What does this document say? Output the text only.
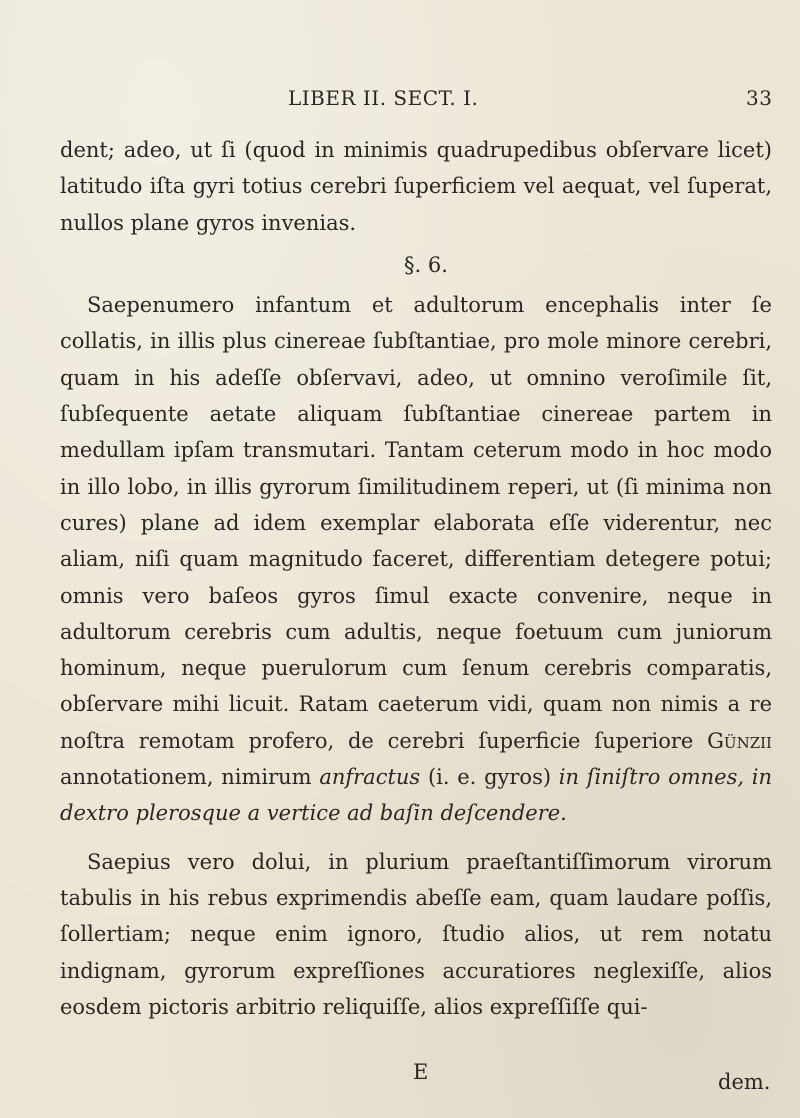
LIBER II. SECT. I.	33

dent; adeo, ut ſi (quod in minimis quadrupedibus obſervare licet) latitudo iſta gyri totius cerebri ſuperficiem vel aequat, vel ſuperat, nullos plane gyros invenias.

§. 6.

Saepenumero infantum et adultorum encephalis inter ſe collatis, in illis plus cinereae ſubſtantiae, pro mole minore cerebri, quam in his adeſſe obſervavi, adeo, ut omnino veroſimile ſit, ſubſequente aetate aliquam ſubſtantiae cinereae partem in medullam ipſam transmutari. Tantam ceterum modo in hoc modo in illo lobo, in illis gyrorum ſimilitudinem reperi, ut (ſi minima non cures) plane ad idem exemplar elaborata eſſe viderentur, nec aliam, niſi quam magnitudo faceret, differentiam detegere potui; omnis vero baſeos gyros ſimul exacte convenire, neque in adultorum cerebris cum adultis, neque foetuum cum juniorum hominum, neque puerulorum cum ſenum cerebris comparatis, obſervare mihi licuit. Ratam caeterum vidi, quam non nimis a re noſtra remotam profero, de cerebri ſuperficie ſuperiore Günzii annotationem, nimirum anfractus (i. e. gyros) in ſiniſtro omnes, in dextro plerosque a vertice ad baſin deſcendere.

Saepius vero dolui, in plurium praeſtantiſſimorum virorum tabulis in his rebus exprimendis abeſſe eam, quam laudare poſſis, ſollertiam; neque enim ignoro, ſtudio alios, ut rem notatu indignam, gyrorum expreſſiones accuratiores neglexiſſe, alios eosdem pictoris arbitrio reliquiſſe, alios expreſſiſſe qui-

E	dem.
